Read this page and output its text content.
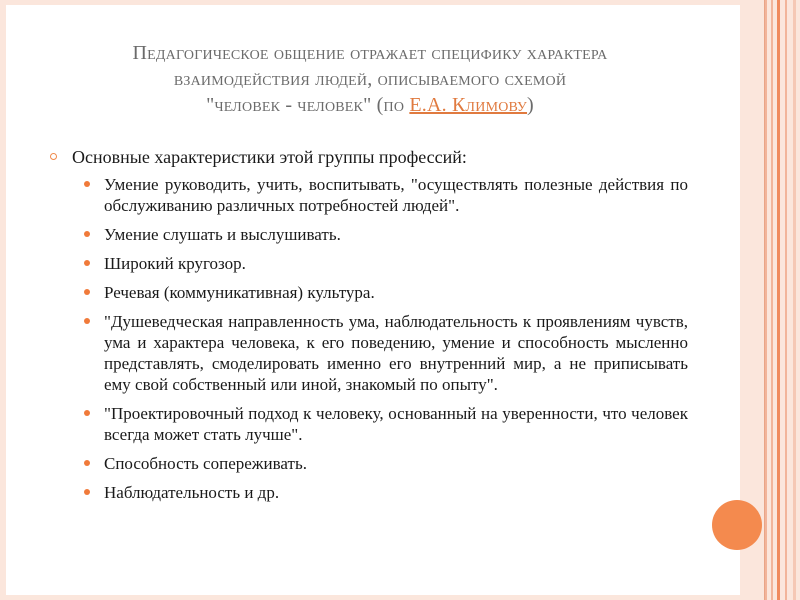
Педагогическое общение отражает специфику характера
взаимодействия людей, описываемого схемой
"человек - человек" (по Е.А. Климову)
Основные характеристики этой группы профессий:
Умение руководить, учить, воспитывать, "осуществлять полезные действия по обслуживанию различных потребностей людей".
Умение слушать и выслушивать.
Широкий кругозор.
Речевая (коммуникативная) культура.
"Душеведческая направленность ума, наблюдательность к проявлениям чувств, ума и характера человека, к его поведению, умение и способность мысленно представлять, смоделировать именно его внутренний мир, а не приписывать ему свой собственный или иной, знакомый по опыту".
"Проектировочный подход к человеку, основанный на уверенности, что человек всегда может стать лучше".
Способность сопереживать.
Наблюдательность и др.
